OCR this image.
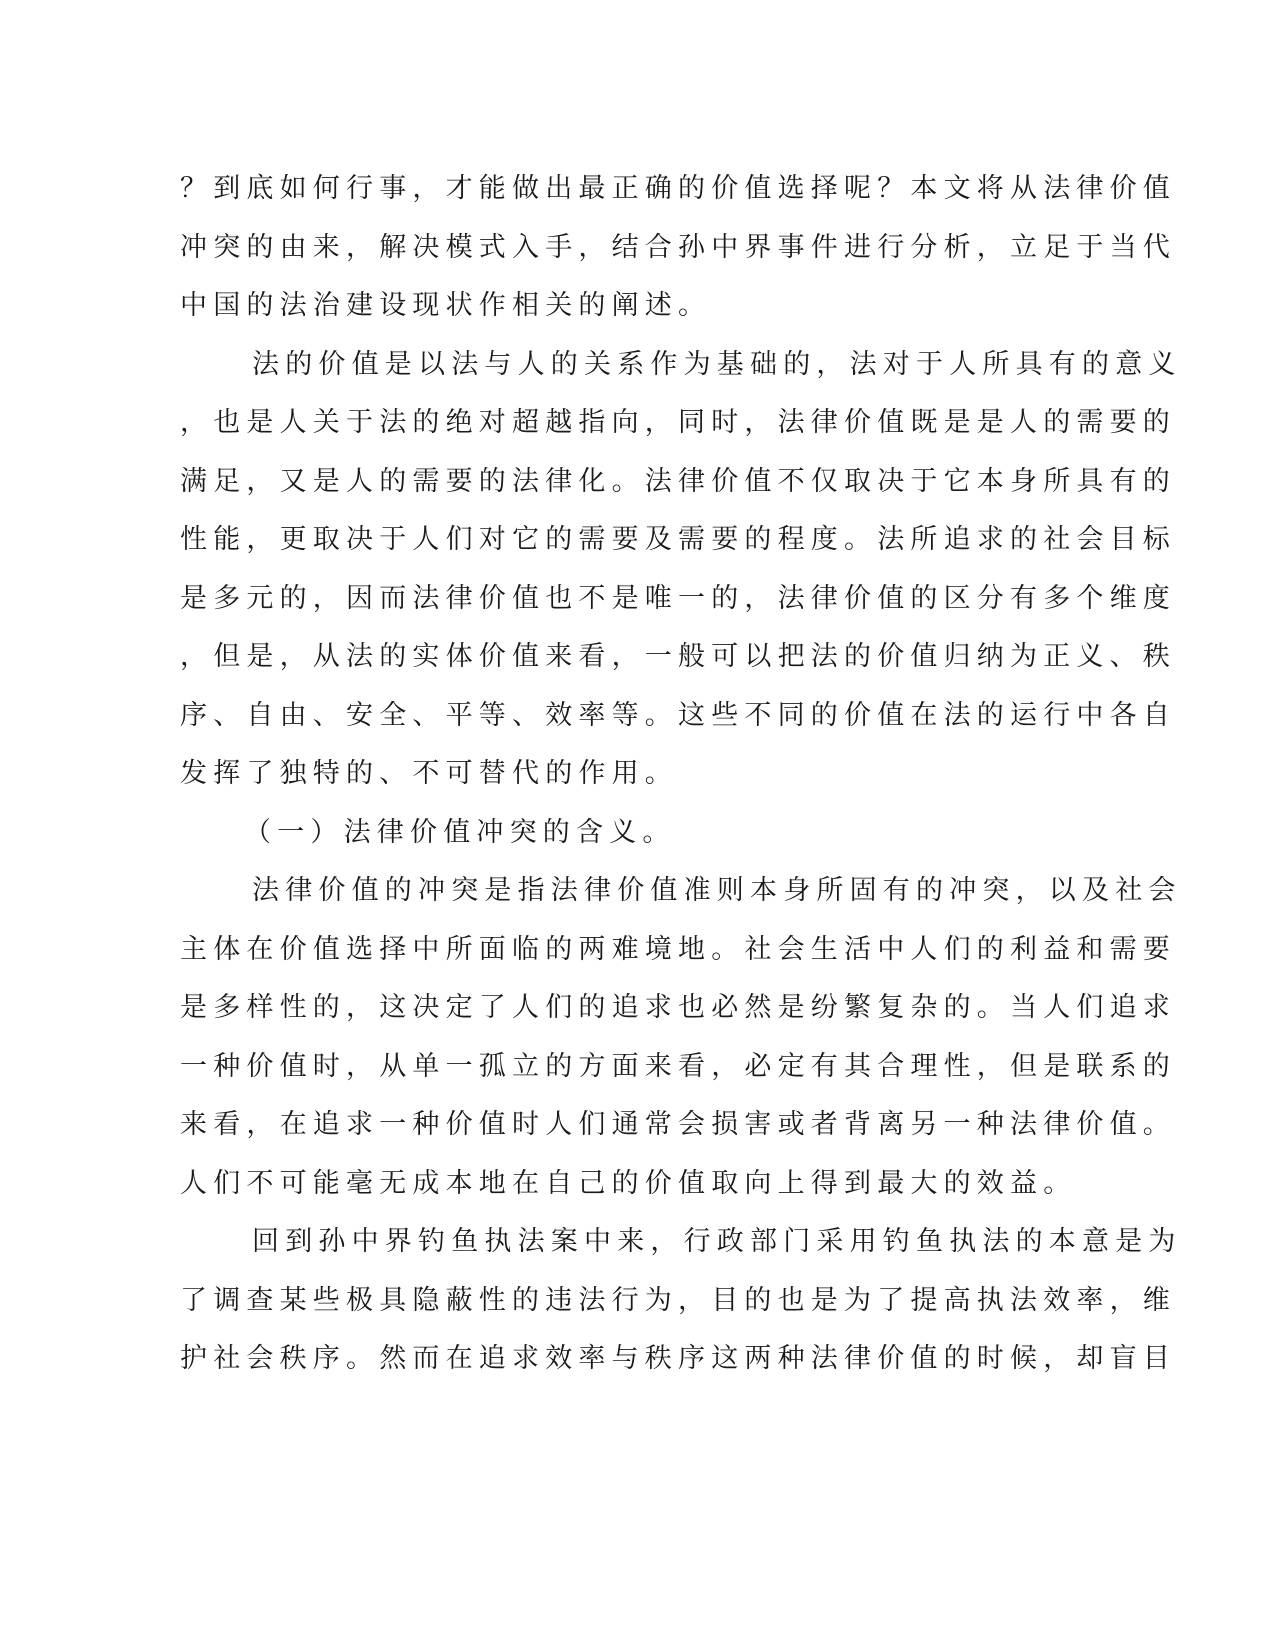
？到底如何行事，才能做出最正确的价值选择呢？本文将从法律价值
冲突的由来，解决模式入手，结合孙中界事件进行分析，立足于当代
中国的法治建设现状作相关的阐述。
法的价值是以法与人的关系作为基础的，法对于人所具有的意义
，也是人关于法的绝对超越指向，同时，法律价值既是是人的需要的
满足，又是人的需要的法律化。法律价值不仅取决于它本身所具有的
性能，更取决于人们对它的需要及需要的程度。法所追求的社会目标
是多元的，因而法律价值也不是唯一的，法律价值的区分有多个维度
，但是，从法的实体价值来看，一般可以把法的价值归纳为正义、秩
序、自由、安全、平等、效率等。这些不同的价值在法的运行中各自
发挥了独特的、不可替代的作用。
（一）法律价值冲突的含义。
法律价值的冲突是指法律价值准则本身所固有的冲突，以及社会
主体在价值选择中所面临的两难境地。社会生活中人们的利益和需要
是多样性的，这决定了人们的追求也必然是纷繁复杂的。当人们追求
一种价值时，从单一孤立的方面来看，必定有其合理性，但是联系的
来看，在追求一种价值时人们通常会损害或者背离另一种法律价值。
人们不可能毫无成本地在自己的价值取向上得到最大的效益。
回到孙中界钓鱼执法案中来，行政部门采用钓鱼执法的本意是为
了调查某些极具隐蔽性的违法行为，目的也是为了提高执法效率，维
护社会秩序。然而在追求效率与秩序这两种法律价值的时候，却盲目
